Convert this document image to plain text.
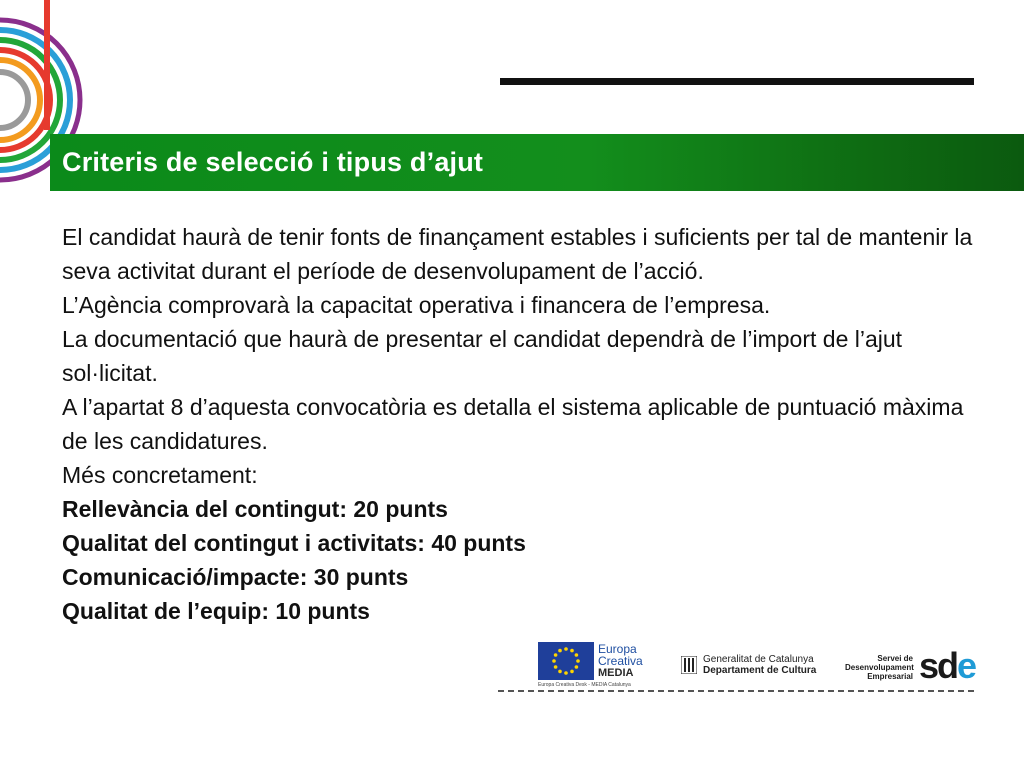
Criteris de selecció i tipus d’ajut

El candidat haurà de tenir fonts de finançament estables i suficients per tal de mantenir la seva activitat durant el període de desenvolupament de l’acció.

L’Agència comprovarà la capacitat operativa i financera de l’empresa.

La documentació que haurà de presentar el candidat dependrà de l’import de l’ajut sol·licitat.

A l’apartat 8 d’aquesta convocatòria es detalla el sistema aplicable de puntuació màxima de les candidatures.

Més concretament:

Rellevància del contingut: 20 punts

Qualitat del contingut i activitats: 40 punts

Comunicació/impacte: 30 punts

Qualitat de l’equip: 10 punts

Europa
Creativa
MEDIA
Europa Creativa Desk - MEDIA Catalunya
Generalitat de Catalunya
Departament de Cultura
Servei de
Desenvolupament
Empresarial sde
